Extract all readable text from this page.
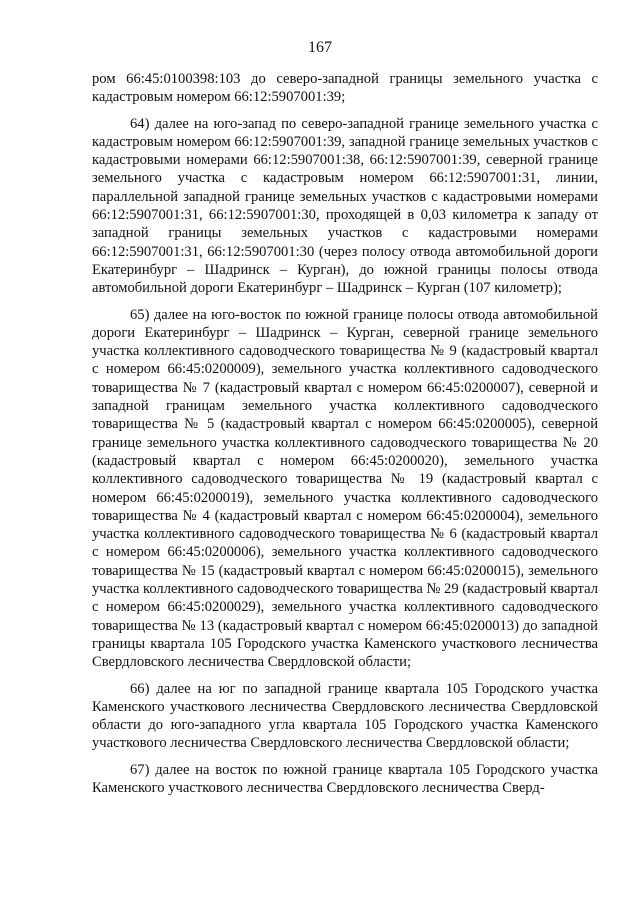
167

ром 66:45:0100398:103 до северо-западной границы земельного участка с кадастровым номером 66:12:5907001:39;

64) далее на юго-запад по северо-западной границе земельного участка с кадастровым номером 66:12:5907001:39, западной границе земельных участков с кадастровыми номерами 66:12:5907001:38, 66:12:5907001:39, северной границе земельного участка с кадастровым номером 66:12:5907001:31, линии, параллельной западной границе земельных участков с кадастровыми номерами 66:12:5907001:31, 66:12:5907001:30, проходящей в 0,03 километра к западу от западной границы земельных участков с кадастровыми номерами 66:12:5907001:31, 66:12:5907001:30 (через полосу отвода автомобильной дороги Екатеринбург – Шадринск – Курган), до южной границы полосы отвода автомобильной дороги Екатеринбург – Шадринск – Курган (107 километр);

65) далее на юго-восток по южной границе полосы отвода автомобильной дороги Екатеринбург – Шадринск – Курган, северной границе земельного участка коллективного садоводческого товарищества № 9 (кадастровый квартал с номером 66:45:0200009), земельного участка коллективного садоводческого товарищества № 7 (кадастровый квартал с номером 66:45:0200007), северной и западной границам земельного участка коллективного садоводческого товарищества № 5 (кадастровый квартал с номером 66:45:0200005), северной границе земельного участка коллективного садоводческого товарищества № 20 (кадастровый квартал с номером 66:45:0200020), земельного участка коллективного садоводческого товарищества № 19 (кадастровый квартал с номером 66:45:0200019), земельного участка коллективного садоводческого товарищества № 4 (кадастровый квартал с номером 66:45:0200004), земельного участка коллективного садоводческого товарищества № 6 (кадастровый квартал с номером 66:45:0200006), земельного участка коллективного садоводческого товарищества № 15 (кадастровый квартал с номером 66:45:0200015), земельного участка коллективного садоводческого товарищества № 29 (кадастровый квартал с номером 66:45:0200029), земельного участка коллективного садоводческого товарищества № 13 (кадастровый квартал с номером 66:45:0200013) до западной границы квартала 105 Городского участка Каменского участкового лесничества Свердловского лесничества Свердловской области;

66) далее на юг по западной границе квартала 105 Городского участка Каменского участкового лесничества Свердловского лесничества Свердловской области до юго-западного угла квартала 105 Городского участка Каменского участкового лесничества Свердловского лесничества Свердловской области;

67) далее на восток по южной границе квартала 105 Городского участка Каменского участкового лесничества Свердловского лесничества Сверд-
